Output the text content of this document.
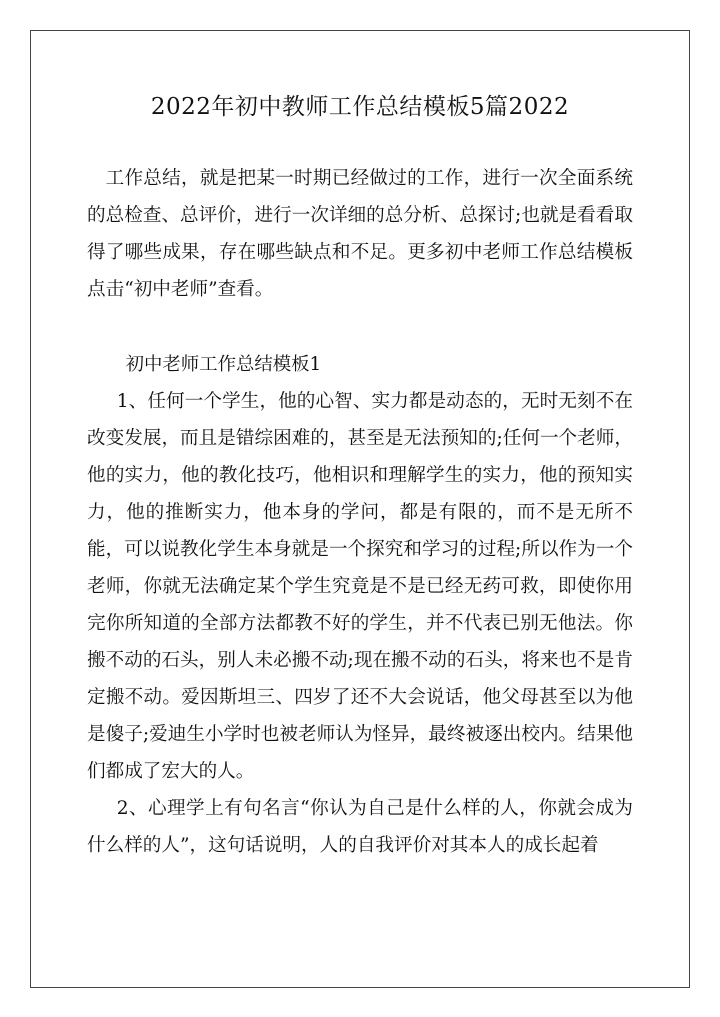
2022年初中教师工作总结模板5篇2022

工作总结，就是把某一时期已经做过的工作，进行一次全面系统的总检查、总评价，进行一次详细的总分析、总探讨;也就是看看取得了哪些成果，存在哪些缺点和不足。更多初中老师工作总结模板点击“初中老师”查看。

初中老师工作总结模板1

1、任何一个学生，他的心智、实力都是动态的，无时无刻不在改变发展，而且是错综困难的，甚至是无法预知的;任何一个老师，他的实力，他的教化技巧，他相识和理解学生的实力，他的预知实力，他的推断实力，他本身的学问，都是有限的，而不是无所不能，可以说教化学生本身就是一个探究和学习的过程;所以作为一个老师，你就无法确定某个学生究竟是不是已经无药可救，即使你用完你所知道的全部方法都教不好的学生，并不代表已别无他法。你搬不动的石头，别人未必搬不动;现在搬不动的石头，将来也不是肯定搬不动。爱因斯坦三、四岁了还不大会说话，他父母甚至以为他是傻子;爱迪生小学时也被老师认为怪异，最终被逐出校内。结果他们都成了宏大的人。

2、心理学上有句名言“你认为自己是什么样的人，你就会成为什么样的人”，这句话说明，人的自我评价对其本人的成长起着
